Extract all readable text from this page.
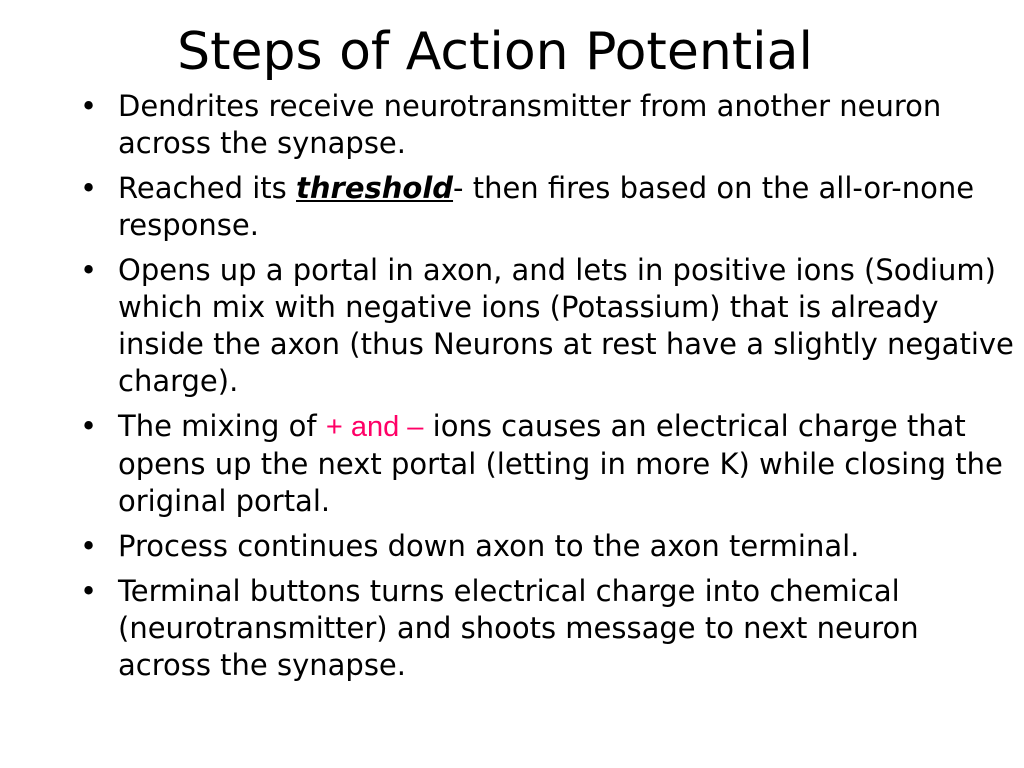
Steps of Action Potential
• Dendrites receive neurotransmitter from another neuron across the synapse.
• Reached its threshold- then fires based on the all-or-none response.
• Opens up a portal in axon, and lets in positive ions (Sodium) which mix with negative ions (Potassium) that is already inside the axon (thus Neurons at rest have a slightly negative charge).
• The mixing of + and – ions causes an electrical charge that opens up the next portal (letting in more K) while closing the original portal.
• Process continues down axon to the axon terminal.
• Terminal buttons turns electrical charge into chemical (neurotransmitter) and shoots message to next neuron across the synapse.
